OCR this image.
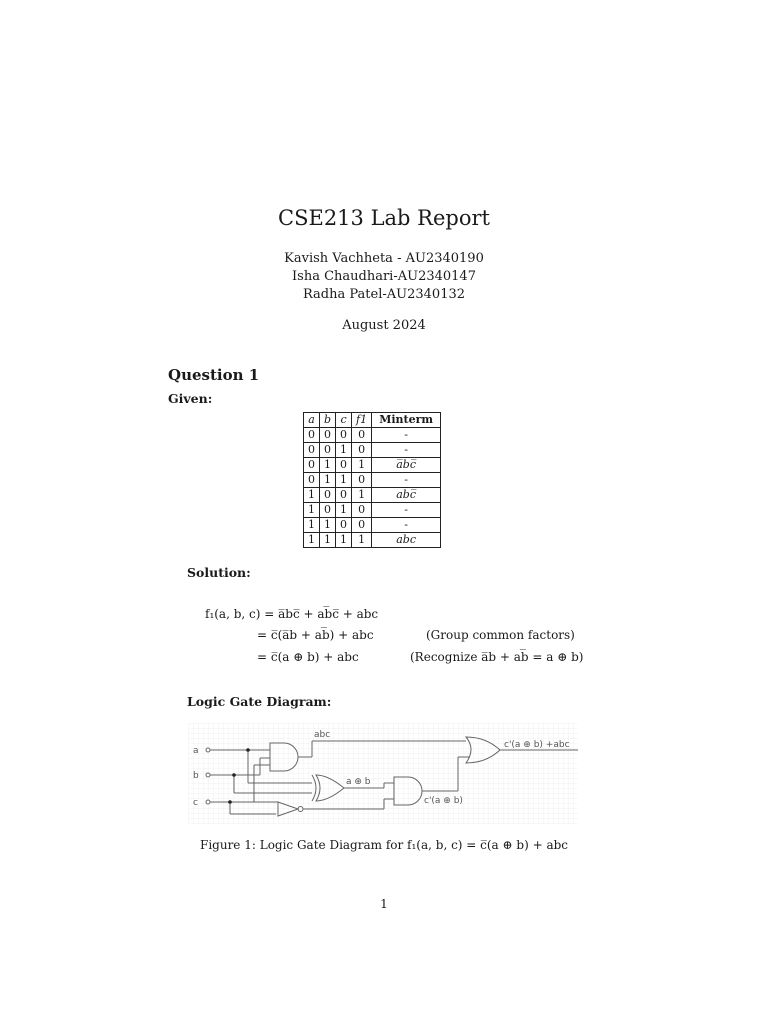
CSE213 Lab Report
Kavish Vachheta - AU2340190
Isha Chaudhari-AU2340147
Radha Patel-AU2340132
August 2024
Question 1
Given:
a	b	c	f1	Minterm
0	0	0	0	-
0	0	1	0	-
0	1	0	1	a̅bc̅
0	1	1	0	-
1	0	0	1	ab̅c̅
1	0	1	0	-
1	1	0	0	-
1	1	1	1	abc
Solution:
f₁(a, b, c) = a̅bc̅ + ab̅c̅ + abc
= c̅(a̅b + ab̅) + abc	(Group common factors)
= c̅(a ⊕ b) + abc	(Recognize a̅b + ab̅ = a ⊕ b)
Logic Gate Diagram:
a
b
c
abc
a ⊕ b
c'(a ⊕ b)
c'(a ⊕ b) +abc
Figure 1: Logic Gate Diagram for f₁(a, b, c) = c̅(a ⊕ b) + abc
1
